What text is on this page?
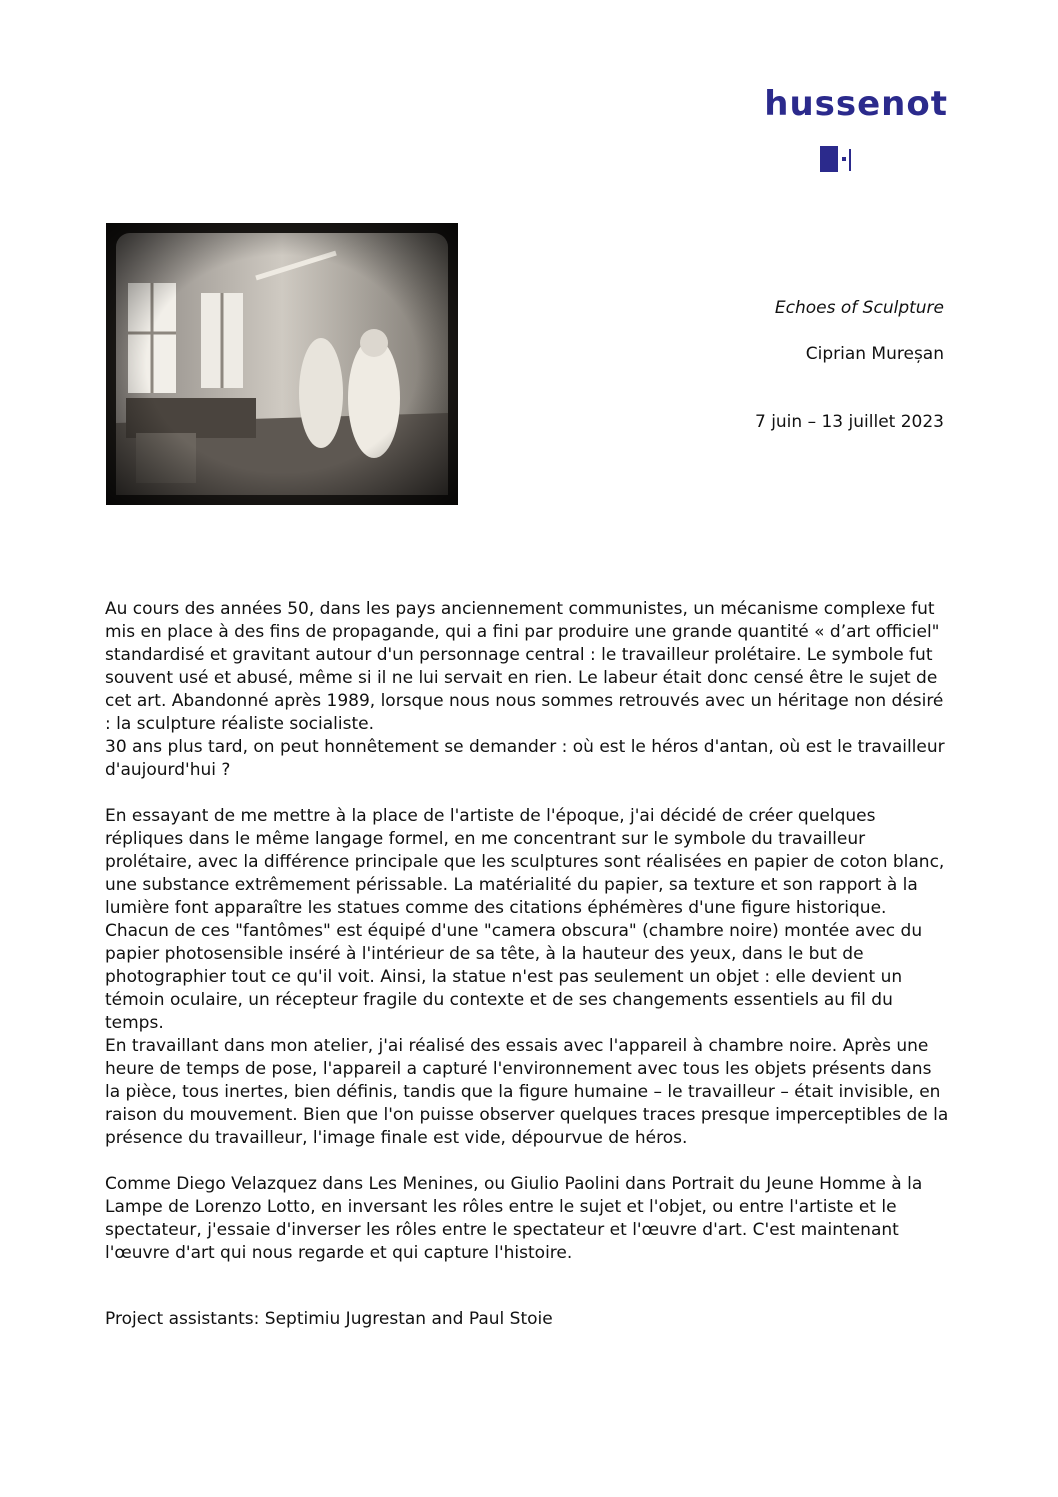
hussenot
Echoes of Sculpture
Ciprian Mureșan
7 juin – 13 juillet 2023

Au cours des années 50, dans les pays anciennement communistes, un mécanisme complexe fut mis en place à des fins de propagande, qui a fini par produire une grande quantité « d’art officiel" standardisé et gravitant autour d'un personnage central : le travailleur prolétaire. Le symbole fut souvent usé et abusé, même si il ne lui servait en rien. Le labeur était donc censé être le sujet de cet art. Abandonné après 1989, lorsque nous nous sommes retrouvés avec un héritage non désiré : la sculpture réaliste socialiste.

30 ans plus tard, on peut honnêtement se demander : où est le héros d'antan, où est le travailleur d'aujourd'hui ?

En essayant de me mettre à la place de l'artiste de l'époque, j'ai décidé de créer quelques répliques dans le même langage formel, en me concentrant sur le symbole du travailleur prolétaire, avec la différence principale que les sculptures sont réalisées en papier de coton blanc, une substance extrêmement périssable. La matérialité du papier, sa texture et son rapport à la lumière font apparaître les statues comme des citations éphémères d'une figure historique. Chacun de ces "fantômes" est équipé d'une "camera obscura" (chambre noire) montée avec du papier photosensible inséré à l'intérieur de sa tête, à la hauteur des yeux, dans le but de photographier tout ce qu'il voit. Ainsi, la statue n'est pas seulement un objet : elle devient un témoin oculaire, un récepteur fragile du contexte et de ses changements essentiels au fil du temps.

En travaillant dans mon atelier, j'ai réalisé des essais avec l'appareil à chambre noire. Après une heure de temps de pose, l'appareil a capturé l'environnement avec tous les objets présents dans la pièce, tous inertes, bien définis, tandis que la figure humaine – le travailleur – était invisible, en raison du mouvement. Bien que l'on puisse observer quelques traces presque imperceptibles de la présence du travailleur, l'image finale est vide, dépourvue de héros.

Comme Diego Velazquez dans Les Menines, ou Giulio Paolini dans Portrait du Jeune Homme à la Lampe de Lorenzo Lotto, en inversant les rôles entre le sujet et l'objet, ou entre l'artiste et le spectateur, j'essaie d'inverser les rôles entre le spectateur et l'œuvre d'art. C'est maintenant l'œuvre d'art qui nous regarde et qui capture l'histoire.

Project assistants: Septimiu Jugrestan and Paul Stoie
